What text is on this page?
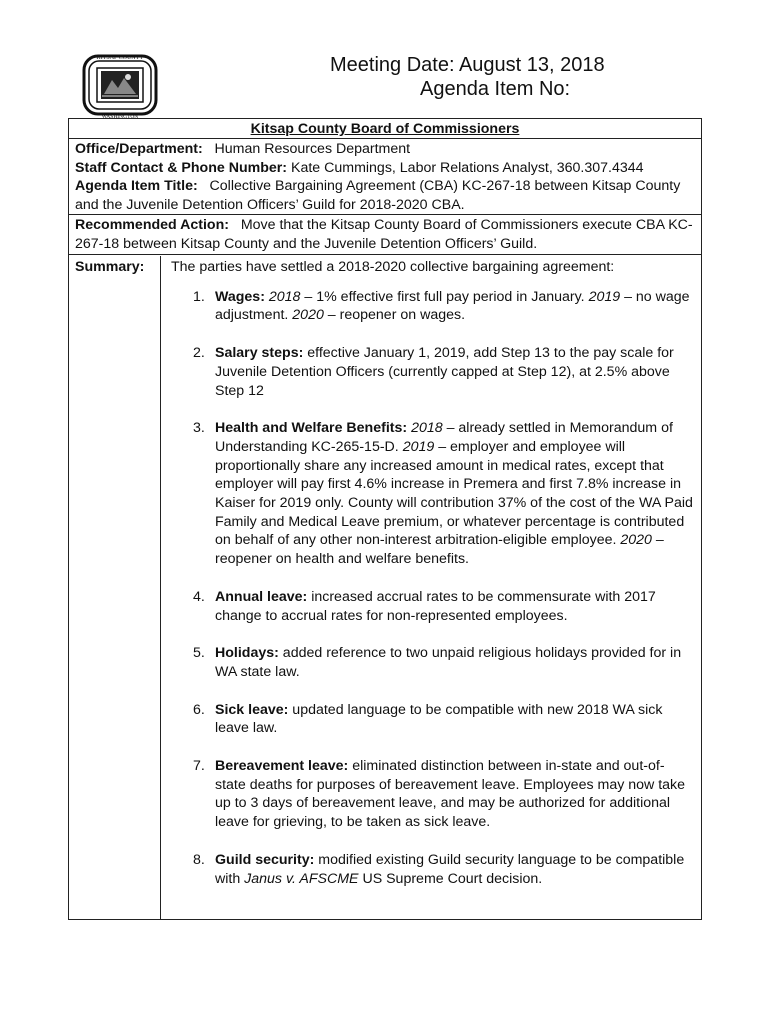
KITSAP COUNTY
WASHINGTON
Meeting Date: August 13, 2018
Agenda Item No:
Kitsap County Board of Commissioners
Office/Department: Human Resources Department
Staff Contact & Phone Number: Kate Cummings, Labor Relations Analyst, 360.307.4344
Agenda Item Title: Collective Bargaining Agreement (CBA) KC-267-18 between Kitsap County and the Juvenile Detention Officers’ Guild for 2018-2020 CBA.
Recommended Action: Move that the Kitsap County Board of Commissioners execute CBA KC-267-18 between Kitsap County and the Juvenile Detention Officers’ Guild.
Summary:	The parties have settled a 2018-2020 collective bargaining agreement:

1. Wages: 2018 – 1% effective first full pay period in January. 2019 – no wage adjustment. 2020 – reopener on wages.
2. Salary steps: effective January 1, 2019, add Step 13 to the pay scale for Juvenile Detention Officers (currently capped at Step 12), at 2.5% above Step 12
3. Health and Welfare Benefits: 2018 – already settled in Memorandum of Understanding KC-265-15-D. 2019 – employer and employee will proportionally share any increased amount in medical rates, except that employer will pay first 4.6% increase in Premera and first 7.8% increase in Kaiser for 2019 only. County will contribution 37% of the cost of the WA Paid Family and Medical Leave premium, or whatever percentage is contributed on behalf of any other non-interest arbitration-eligible employee. 2020 – reopener on health and welfare benefits.
4. Annual leave: increased accrual rates to be commensurate with 2017 change to accrual rates for non-represented employees.
5. Holidays: added reference to two unpaid religious holidays provided for in WA state law.
6. Sick leave: updated language to be compatible with new 2018 WA sick leave law.
7. Bereavement leave: eliminated distinction between in-state and out-of-state deaths for purposes of bereavement leave. Employees may now take up to 3 days of bereavement leave, and may be authorized for additional leave for grieving, to be taken as sick leave.
8. Guild security: modified existing Guild security language to be compatible with Janus v. AFSCME US Supreme Court decision.
